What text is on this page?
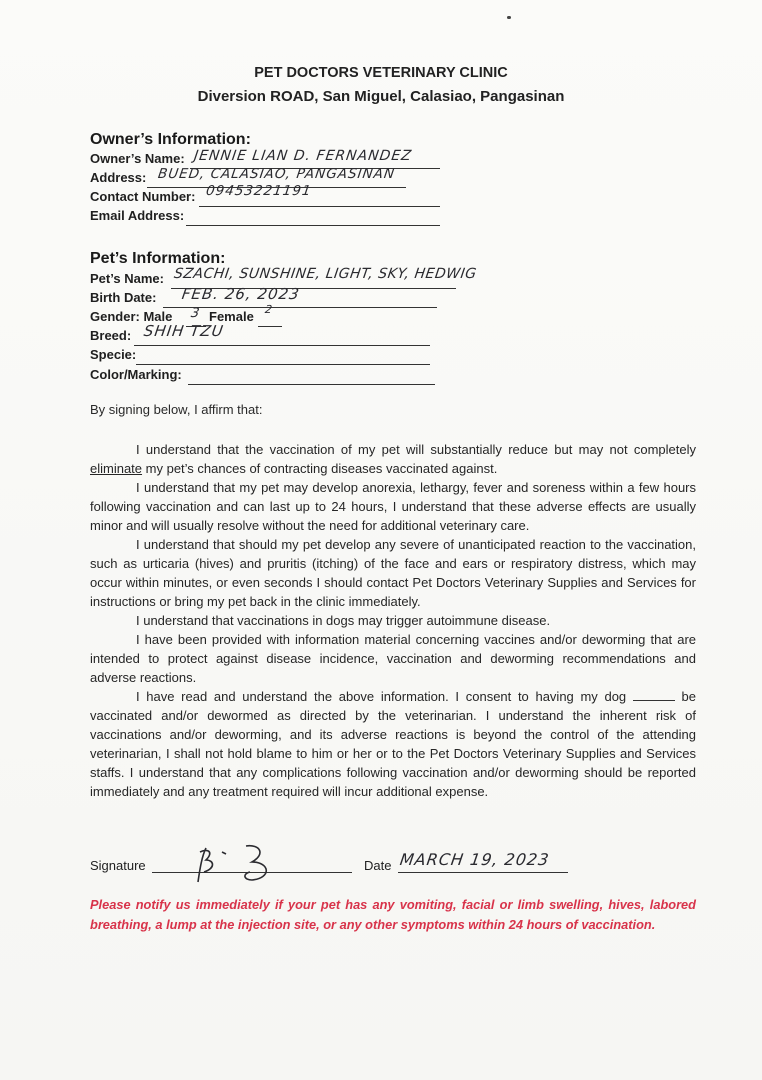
PET DOCTORS VETERINARY CLINIC
Diversion ROAD, San Miguel, Calasiao, Pangasinan
Owner’s Information:
Owner’s Name: JENNIE LIAN D. FERNANDEZ
Address: BUED, CALASIAO, PANGASINAN
Contact Number: 09453221191
Email Address:
Pet’s Information:
Pet’s Name: SZACHI, SUNSHINE, LIGHT, SKY, HEDWIG
Birth Date: FEB. 26, 2023
Gender: Male 3 Female 2
Breed: SHIH TZU
Specie:
Color/Marking:
By signing below, I affirm that:

I understand that the vaccination of my pet will substantially reduce but may not completely eliminate my pet’s chances of contracting diseases vaccinated against.

I understand that my pet may develop anorexia, lethargy, fever and soreness within a few hours following vaccination and can last up to 24 hours, I understand that these adverse effects are usually minor and will usually resolve without the need for additional veterinary care.

I understand that should my pet develop any severe of unanticipated reaction to the vaccination, such as urticaria (hives) and pruritis (itching) of the face and ears or respiratory distress, which may occur within minutes, or even seconds I should contact Pet Doctors Veterinary Supplies and Services for instructions or bring my pet back in the clinic immediately.

I understand that vaccinations in dogs may trigger autoimmune disease.

I have been provided with information material concerning vaccines and/or deworming that are intended to protect against disease incidence, vaccination and deworming recommendations and adverse reactions.

I have read and understand the above information. I consent to having my dog	be vaccinated and/or dewormed as directed by the veterinarian. I understand the inherent risk of vaccinations and/or deworming, and its adverse reactions is beyond the control of the attending veterinarian, I shall not hold blame to him or her or to the Pet Doctors Veterinary Supplies and Services staffs. I understand that any complications following vaccination and/or deworming should be reported immediately and any treatment required will incur additional expense.

Signature	Date MARCH 19, 2023
Please notify us immediately if your pet has any vomiting, facial or limb swelling, hives, labored breathing, a lump at the injection site, or any other symptoms within 24 hours of vaccination.
